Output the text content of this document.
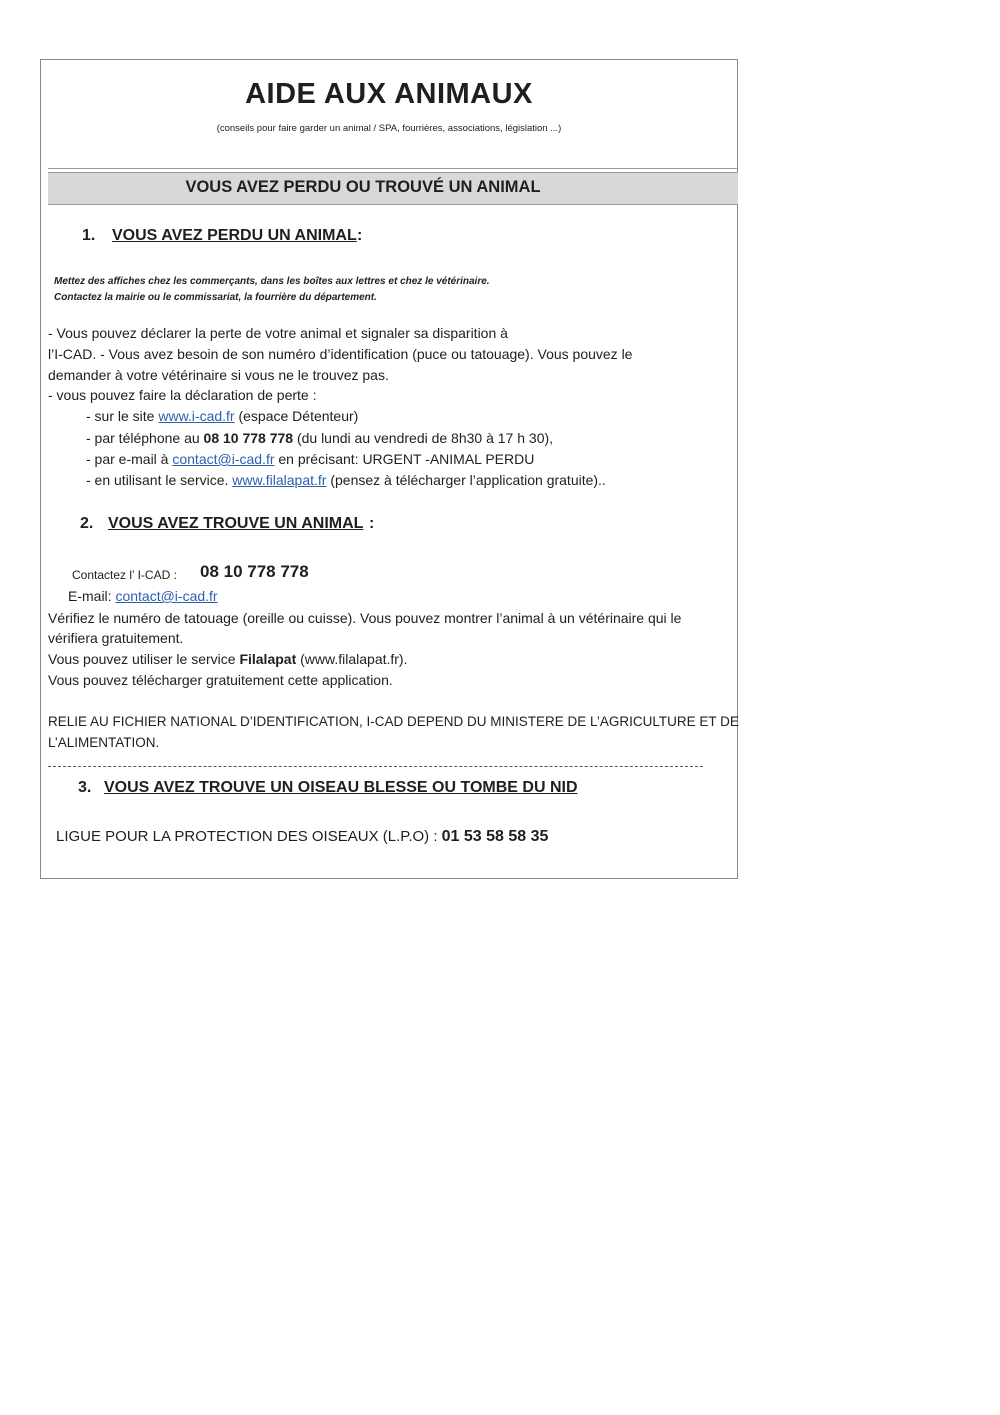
AIDE AUX ANIMAUX
(conseils pour faire garder un animal / SPA, fourrières, associations, législation ...)
VOUS AVEZ PERDU OU TROUVÉ UN ANIMAL
1. VOUS AVEZ PERDU UN ANIMAL :
Mettez des affiches chez les commerçants, dans les boîtes aux lettres et chez le vétérinaire.
Contactez la mairie ou le commissariat, la fourrière du département.
- Vous pouvez déclarer la perte de votre animal et signaler sa disparition à
l’I-CAD. - Vous avez besoin de son numéro d’identification (puce ou tatouage). Vous pouvez le
demander à votre vétérinaire si vous ne le trouvez pas.
- vous pouvez faire la déclaration de perte :
- sur le site www.i-cad.fr (espace Détenteur)
- par téléphone au 08 10 778 778 (du lundi au vendredi de 8h30 à 17 h 30),
- par e-mail à contact@i-cad.fr en précisant: URGENT -ANIMAL PERDU
- en utilisant le service. www.filalapat.fr (pensez à télécharger l’application gratuite)..
2. VOUS AVEZ TROUVE UN ANIMAL :
Contactez l’ I-CAD : 08 10 778 778
E-mail: contact@i-cad.fr
Vérifiez le numéro de tatouage (oreille ou cuisse). Vous pouvez montrer l’animal à un vétérinaire qui le
vérifiera gratuitement.
Vous pouvez utiliser le service Filalapat (www.filalapat.fr).
Vous pouvez télécharger gratuitement cette application.
RELIE AU FICHIER NATIONAL D’IDENTIFICATION, I-CAD DEPEND DU MINISTERE DE L’AGRICULTURE ET DE
L’ALIMENTATION.
3. VOUS AVEZ TROUVE UN OISEAU BLESSE OU TOMBE DU NID
LIGUE POUR LA PROTECTION DES OISEAUX (L.P.O) : 01 53 58 58 35
